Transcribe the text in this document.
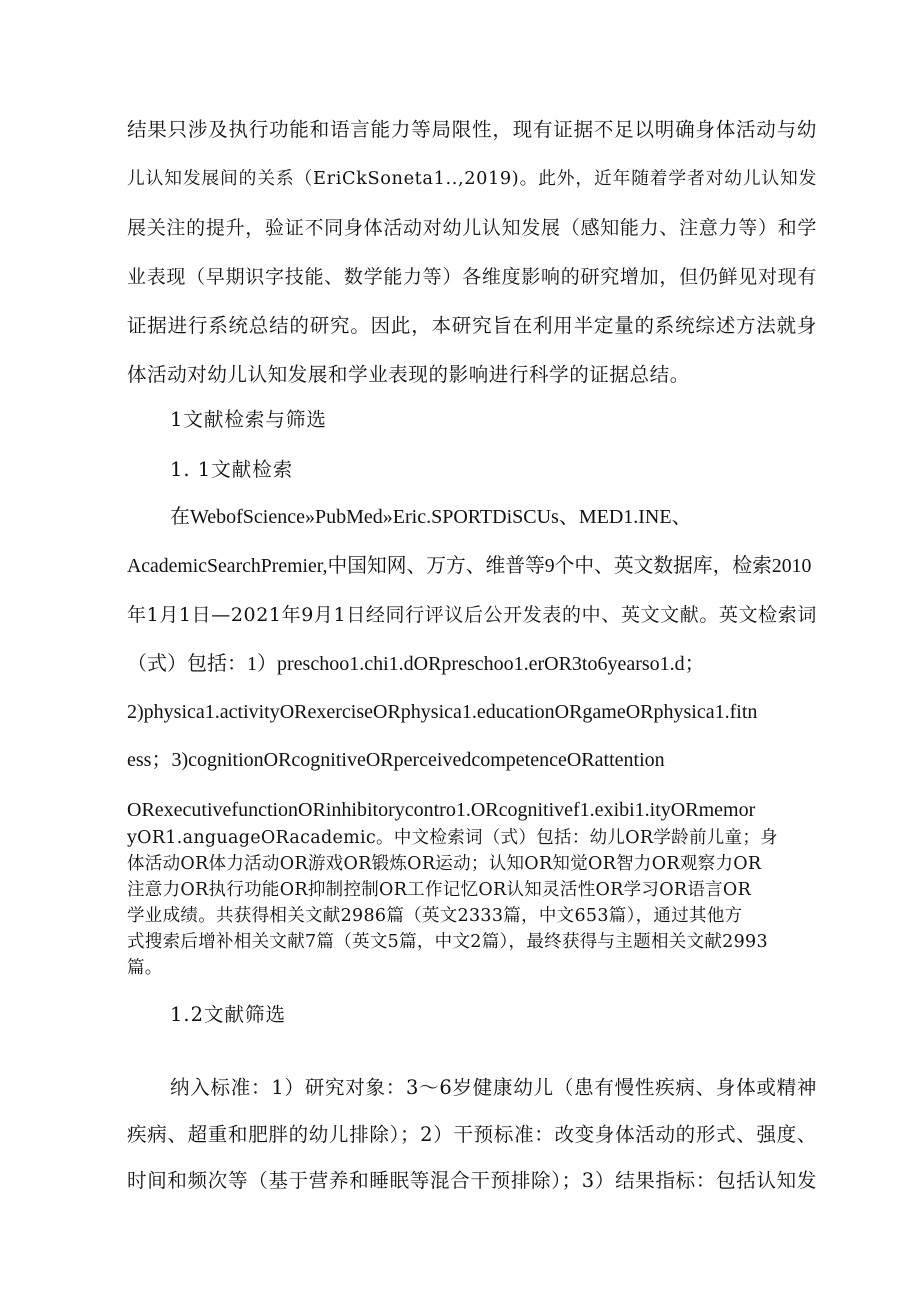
结果只涉及执行功能和语言能力等局限性，现有证据不足以明确身体活动与幼
儿认知发展间的关系（EriCkSoneta1..,2019)。此外，近年随着学者对幼儿认知发
展关注的提升，验证不同身体活动对幼儿认知发展（感知能力、注意力等）和学
业表现（早期识字技能、数学能力等）各维度影响的研究增加，但仍鲜见对现有
证据进行系统总结的研究。因此，本研究旨在利用半定量的系统综述方法就身
体活动对幼儿认知发展和学业表现的影响进行科学的证据总结。
1文献检索与筛选
1. 1文献检索
在WebofScience»PubMed»Eric.SPORTDiSCUs、MED1.INE、
AcademicSearchPremier,中国知网、万方、维普等9个中、英文数据库，检索2010
年1月1日—2021年9月1日经同行评议后公开发表的中、英文文献。英文检索词
（式）包括：1）preschoo1.chi1.dORpreschoo1.erOR3to6yearso1.d；
2)physica1.activityORexerciseORphysica1.educationORgameORphysica1.fitn
ess；3)cognitionORcognitiveORperceivedcompetenceORattention
ORexecutivefunctionORinhibitorycontro1.ORcognitivef1.exibi1.ityORmemor
yOR1.anguageORacademic。中文检索词（式）包括：幼儿OR学龄前儿童；身
体活动OR体力活动OR游戏OR锻炼OR运动；认知OR知觉OR智力OR观察力OR
注意力OR执行功能OR抑制控制OR工作记忆OR认知灵活性OR学习OR语言OR
学业成绩。共获得相关文献2986篇（英文2333篇，中文653篇），通过其他方
式搜索后增补相关文献7篇（英文5篇，中文2篇），最终获得与主题相关文献2993
篇。
1.2文献筛选
纳入标准：1）研究对象：3～6岁健康幼儿（患有慢性疾病、身体或精神
疾病、超重和肥胖的幼儿排除）；2）干预标准：改变身体活动的形式、强度、
时间和频次等（基于营养和睡眠等混合干预排除）；3）结果指标：包括认知发
